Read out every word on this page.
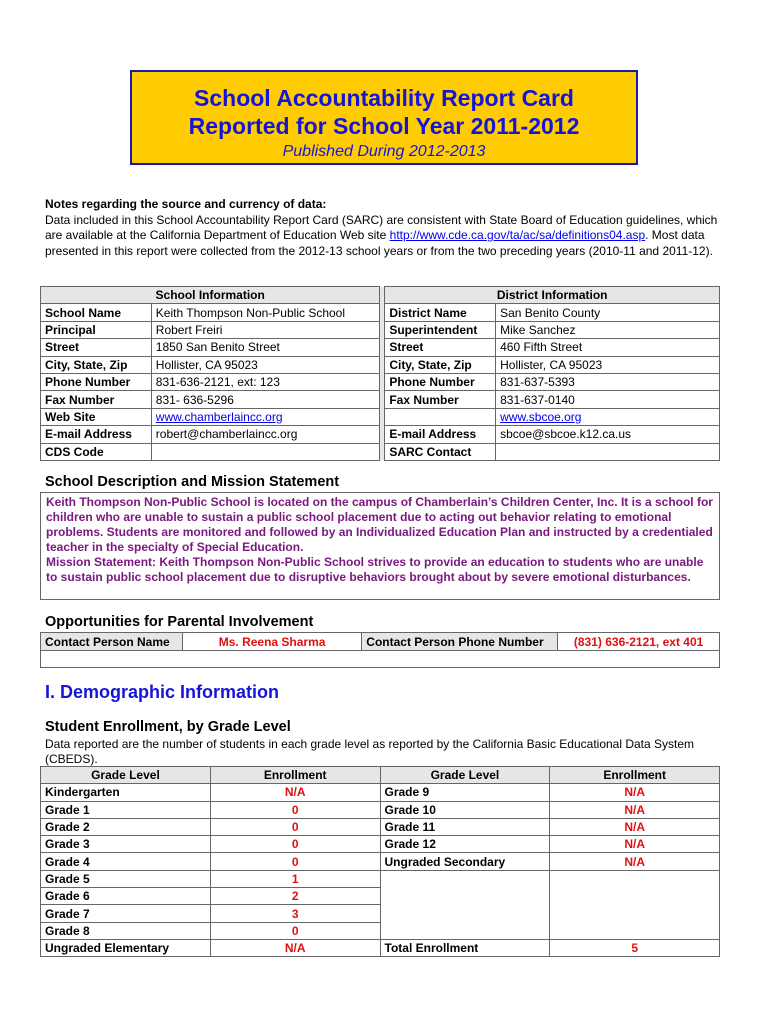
School Accountability Report Card
Reported for School Year 2011-2012
Published During 2012-2013
Notes regarding the source and currency of data:
Data included in this School Accountability Report Card (SARC) are consistent with State Board of Education guidelines, which are available at the California Department of Education Web site http://www.cde.ca.gov/ta/ac/sa/definitions04.asp. Most data presented in this report were collected from the 2012-13 school years or from the two preceding years (2010-11 and 2011-12).
School Information			District Information	
School Name	Keith Thompson Non-Public School		District Name	San Benito County
Principal	Robert Freiri		Superintendent	Mike Sanchez
Street	1850 San Benito Street		Street	460 Fifth Street
City, State, Zip	Hollister, CA 95023		City, State, Zip	Hollister, CA 95023
Phone Number	831-636-2121, ext: 123		Phone Number	831-637-5393
Fax Number	831- 636-5296		Fax Number	831-637-0140
Web Site	www.chamberlaincc.org			www.sbcoe.org
E-mail Address	robert@chamberlaincc.org		E-mail Address	sbcoe@sbcoe.k12.ca.us
CDS Code			SARC Contact	
School Description and Mission Statement
Keith Thompson Non-Public School is located on the campus of Chamberlain’s Children Center, Inc. It is a school for children who are unable to sustain a public school placement due to acting out behavior relating to emotional problems. Students are monitored and followed by an Individualized Education Plan and instructed by a credentialed teacher in the specialty of Special Education.
Mission Statement: Keith Thompson Non-Public School strives to provide an education to students who are unable to sustain public school placement due to disruptive behaviors brought about by severe emotional disturbances.
Opportunities for Parental Involvement
Contact Person Name	Ms. Reena Sharma	Contact Person Phone Number	(831) 636-2121, ext 401

I. Demographic Information
Student Enrollment, by Grade Level
Data reported are the number of students in each grade level as reported by the California Basic Educational Data System (CBEDS).
Grade Level	Enrollment	Grade Level	Enrollment
Kindergarten	N/A	Grade 9	N/A
Grade 1	0	Grade 10	N/A
Grade 2	0	Grade 11	N/A
Grade 3	0	Grade 12	N/A
Grade 4	0	Ungraded Secondary	N/A
Grade 5	1		
Grade 6	2		
Grade 7	3		
Grade 8	0		
Ungraded Elementary	N/A	Total Enrollment	5
